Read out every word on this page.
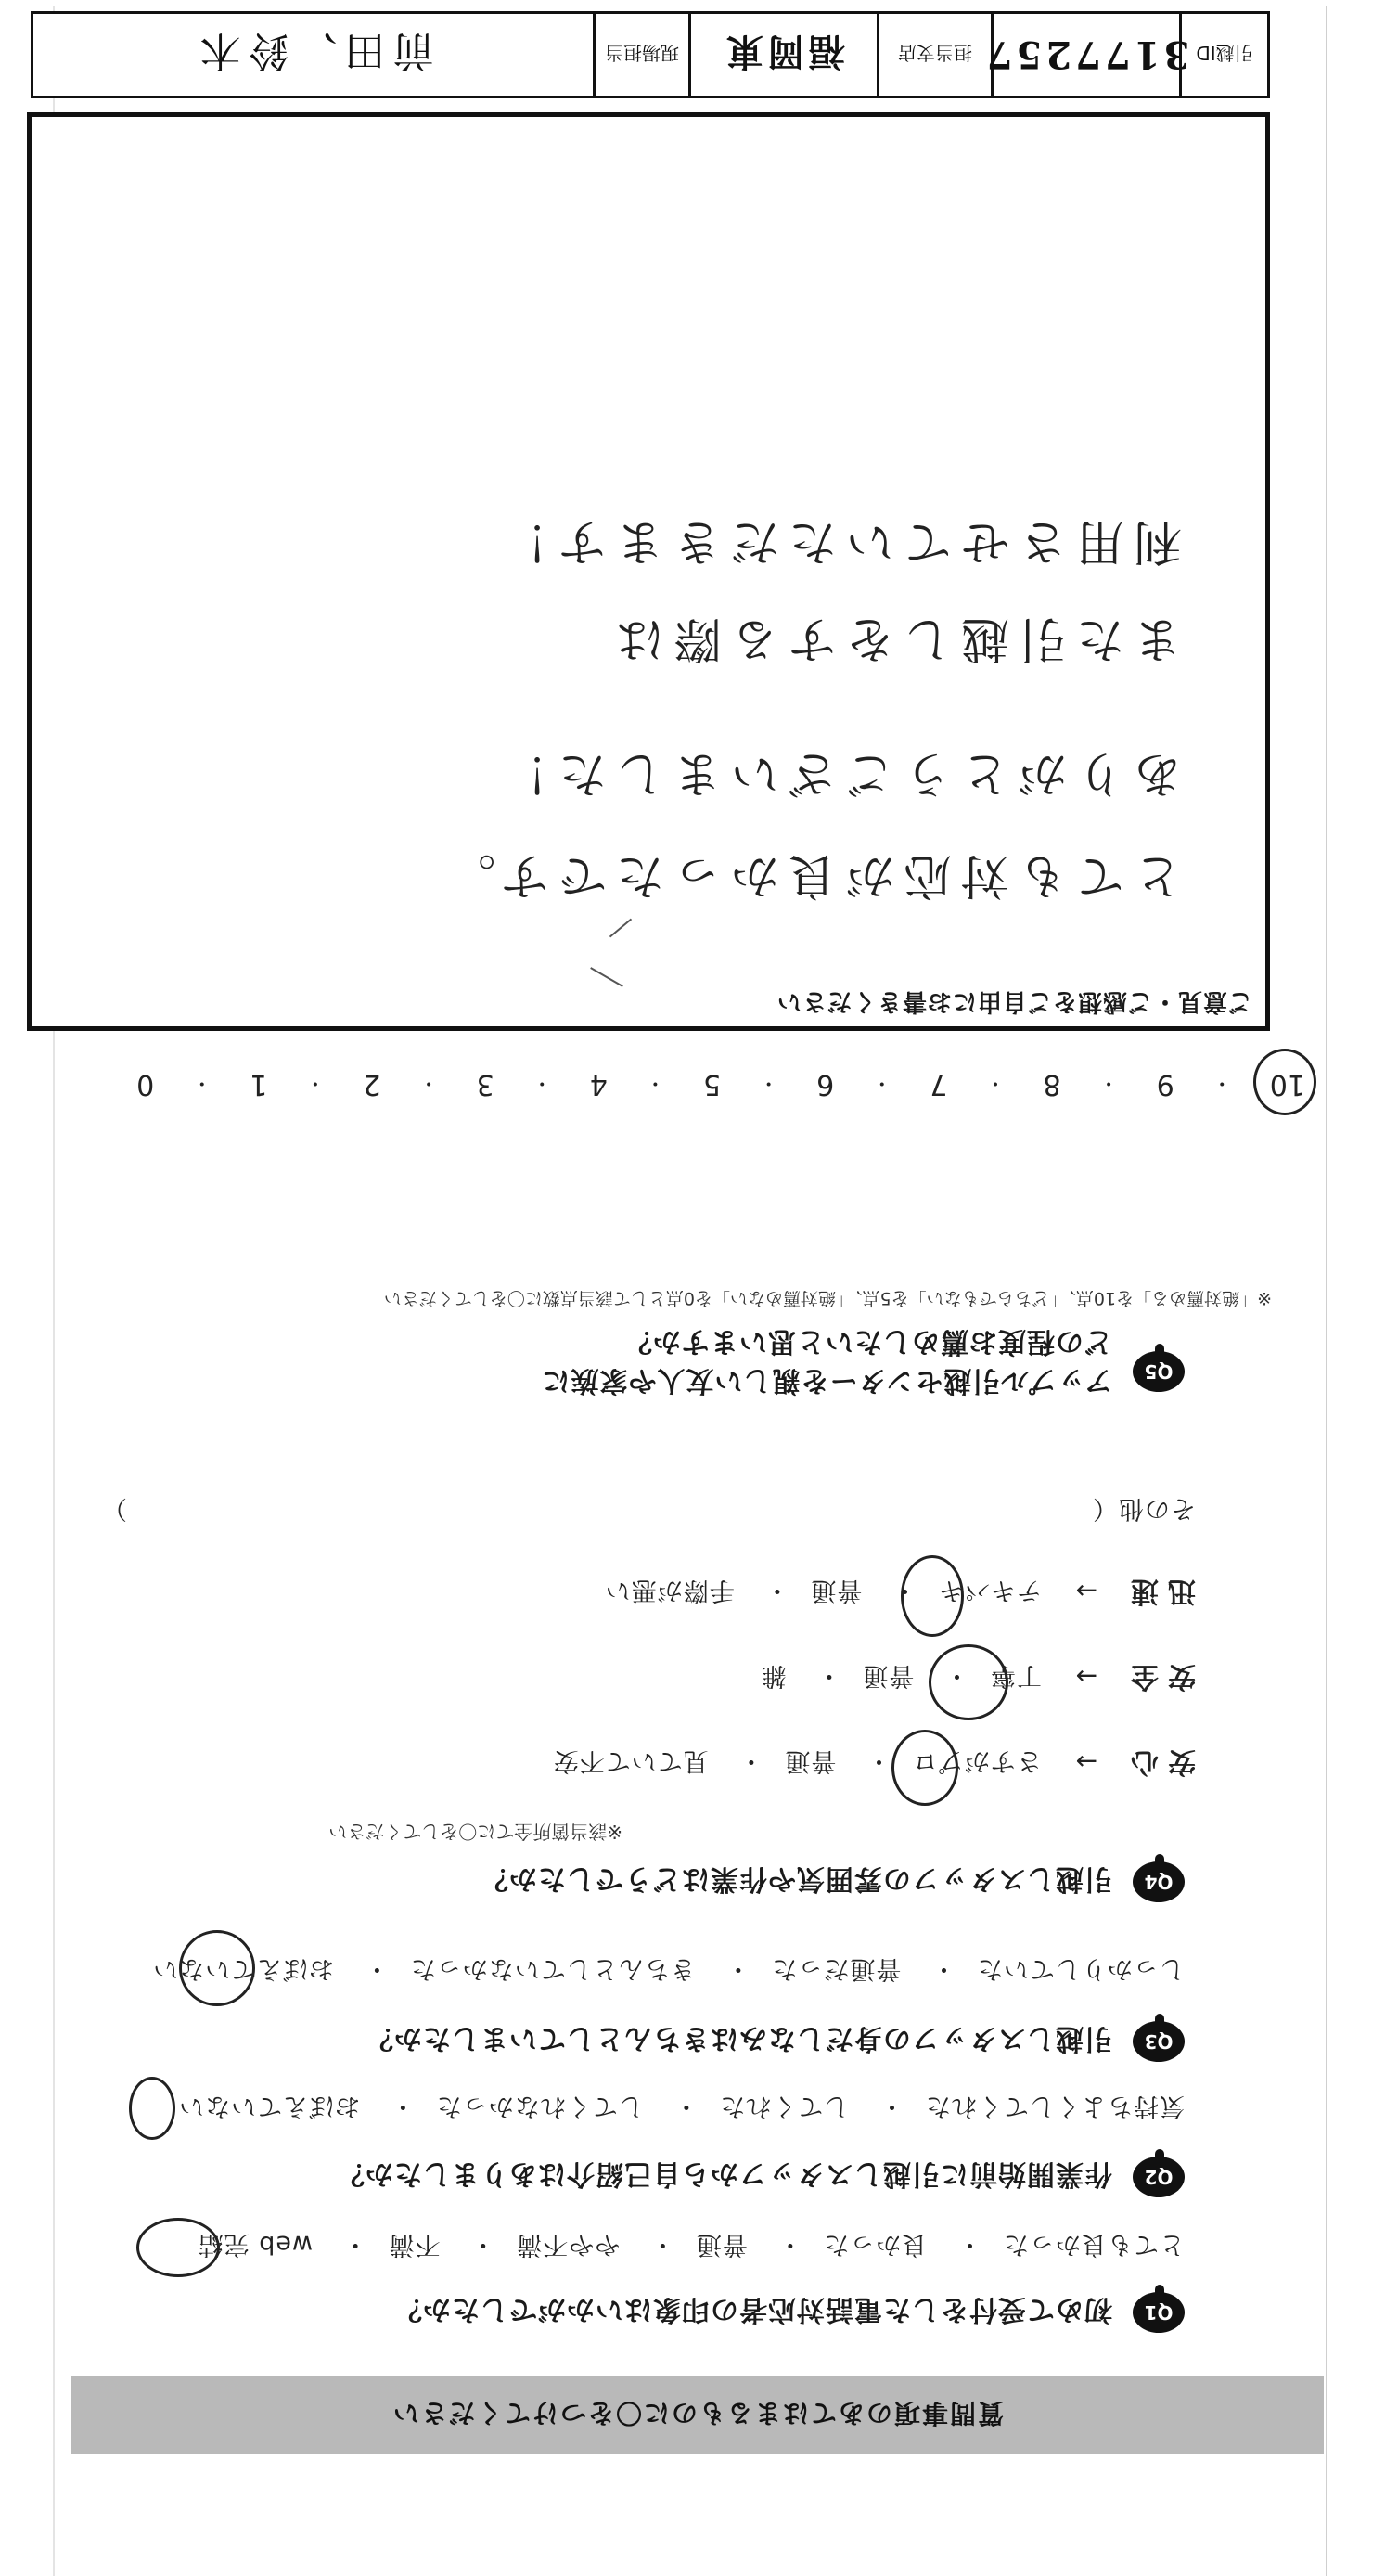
質問事項のあてはまるものに〇をつけてください
Q1
初めて受付をした電話対応者の印象はいかがでしたか？
とても良かった・ 良かった・ 普通・ やや不満・ 不満・ web 完結
Q2
作業開始前に引越しスタッフから自己紹介はありましたか？
気持ちよくしてくれた・ してくれた・ してくれなかった・ おぼえていない
Q3
引越しスタッフの身だしなみはきちんとしていましたか？
しっかりしていた・ 普通だった・ きちんとしていなかった・ おぼえていない
Q4
引越しスタッフの雰囲気や作業はどうでしたか？
※該当箇所全てに〇をしてください
安心→ さすがプロ・ 普通・ 見ていて不安
安全→ 丁寧・ 普通・ 雑
迅速→ テキパキ・ 普通・ 手際が悪い
その他（）
Q5
アップル引越センターを親しい友人や家族に
どの程度お薦めしたいと思いますか？
※「絶対薦める」を10点、「どちらでもない」を5点、「絶対薦めない」を0点として該当点数に〇をしてください
10
・
9
・
8
・
7
・
6
・
5
・
4
・
3
・
2
・
1
・
0
ご意見・ご感想をご自由にお書きください
とても対応が良かったです。
ありがとうございました！
また引越しをする際は
利用させていただきます！
引越ID
3177257
担当支店
福岡東
現場担当
前田、鈴木
